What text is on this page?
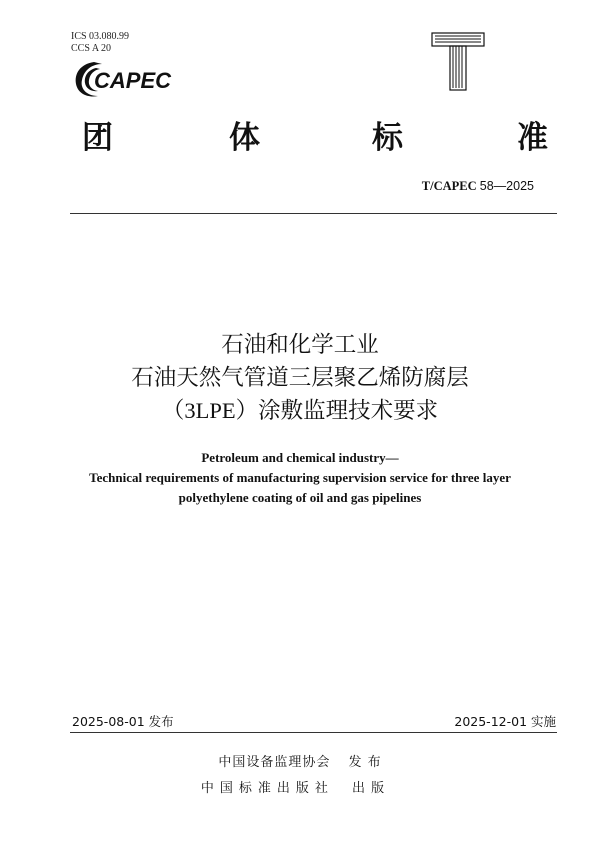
ICS 03.080.99
CCS A 20
CAPEC
团	体	标	准
T/CAPEC 58—2025
石油和化学工业
石油天然气管道三层聚乙烯防腐层
（3LPE）涂敷监理技术要求
Petroleum and chemical industry—
Technical requirements of manufacturing supervision service for three layer
polyethylene coating of oil and gas pipelines
2025-08-01 发布	2025-12-01 实施
中国设备监理协会 发 布
中国标准出版社 出 版
